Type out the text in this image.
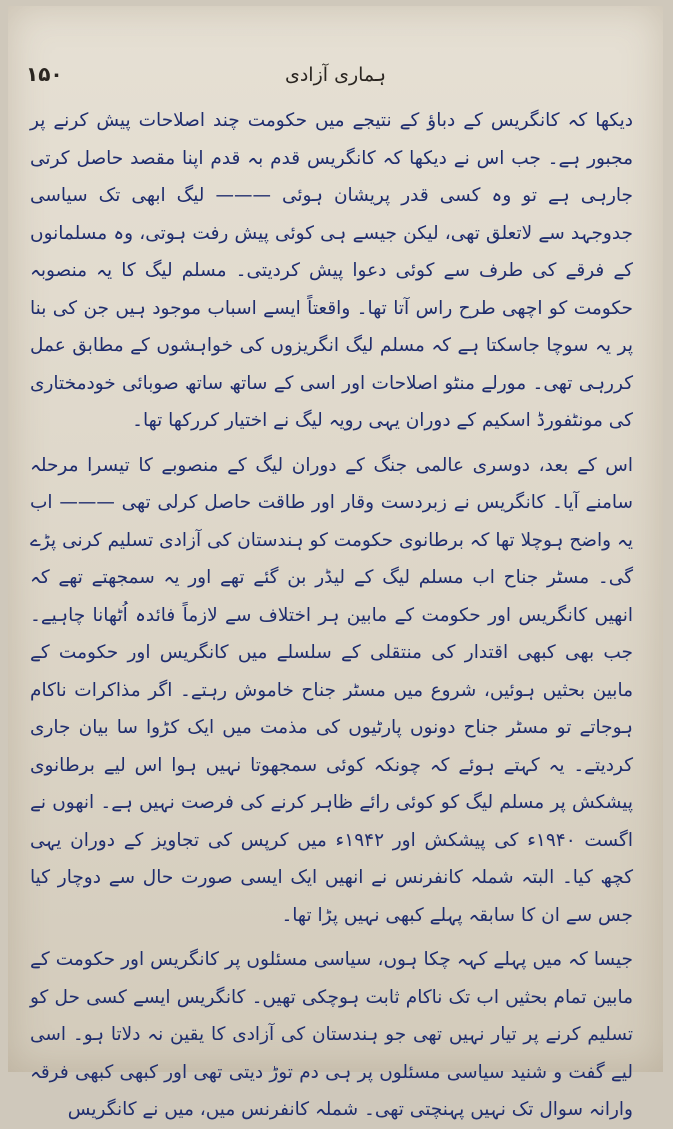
۱۵۰	ہماری آزادی

دیکھا کہ کانگریس کے دباؤ کے نتیجے میں حکومت چند اصلاحات پیش کرنے پر مجبور ہے۔ جب اس نے دیکھا کہ کانگریس قدم بہ قدم اپنا مقصد حاصل کرتی جارہی ہے تو وہ کسی قدر پریشان ہوئی ——— لیگ ابھی تک سیاسی جدوجہد سے لاتعلق تھی، لیکن جیسے ہی کوئی پیش رفت ہوتی، وہ مسلمانوں کے فرقے کی طرف سے کوئی دعوا پیش کردیتی۔ مسلم لیگ کا یہ منصوبہ حکومت کو اچھی طرح راس آتا تھا۔ واقعتاً ایسے اسباب موجود ہیں جن کی بنا پر یہ سوچا جاسکتا ہے کہ مسلم لیگ انگریزوں کی خواہشوں کے مطابق عمل کررہی تھی۔ مورلے منٹو اصلاحات اور اسی کے ساتھ ساتھ صوبائی خودمختاری کی مونٹفورڈ اسکیم کے دوران یہی رویہ لیگ نے اختیار کررکھا تھا۔

اس کے بعد، دوسری عالمی جنگ کے دوران لیگ کے منصوبے کا تیسرا مرحلہ سامنے آیا۔ کانگریس نے زبردست وقار اور طاقت حاصل کرلی تھی ——— اب یہ واضح ہوچلا تھا کہ برطانوی حکومت کو ہندستان کی آزادی تسلیم کرنی پڑے گی۔ مسٹر جناح اب مسلم لیگ کے لیڈر بن گئے تھے اور یہ سمجھتے تھے کہ انھیں کانگریس اور حکومت کے مابین ہر اختلاف سے لازماً فائدہ اُٹھانا چاہیے۔ جب بھی کبھی اقتدار کی منتقلی کے سلسلے میں کانگریس اور حکومت کے مابین بحثیں ہوئیں، شروع میں مسٹر جناح خاموش رہتے۔ اگر مذاکرات ناکام ہوجاتے تو مسٹر جناح دونوں پارٹیوں کی مذمت میں ایک کڑوا سا بیان جاری کردیتے۔ یہ کہتے ہوئے کہ چونکہ کوئی سمجھوتا نہیں ہوا اس لیے برطانوی پیشکش پر مسلم لیگ کو کوئی رائے ظاہر کرنے کی فرصت نہیں ہے۔ انھوں نے اگست ۱۹۴۰ء کی پیشکش اور ۱۹۴۲ء میں کرپس کی تجاویز کے دوران یہی کچھ کیا۔ البتہ شملہ کانفرنس نے انھیں ایک ایسی صورت حال سے دوچار کیا جس سے ان کا سابقہ پہلے کبھی نہیں پڑا تھا۔

جیسا کہ میں پہلے کہہ چکا ہوں، سیاسی مسئلوں پر کانگریس اور حکومت کے مابین تمام بحثیں اب تک ناکام ثابت ہوچکی تھیں۔ کانگریس ایسے کسی حل کو تسلیم کرنے پر تیار نہیں تھی جو ہندستان کی آزادی کا یقین نہ دلاتا ہو۔ اسی لیے گفت و شنید سیاسی مسئلوں پر ہی دم توڑ دیتی تھی اور کبھی کبھی فرقہ وارانہ سوال تک نہیں پہنچتی تھی۔ شملہ کانفرنس میں، میں نے کانگریس
